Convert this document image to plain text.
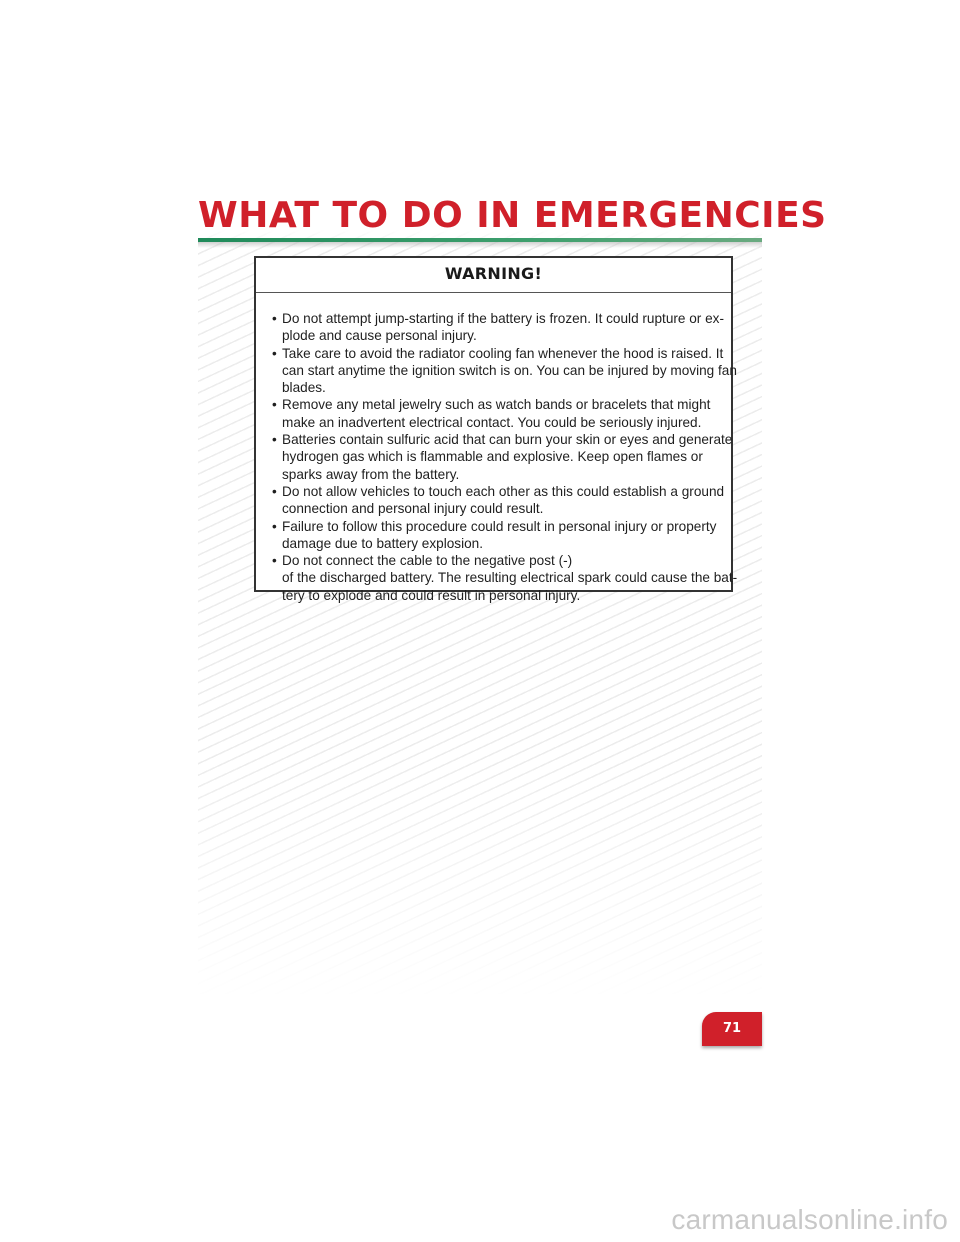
WHAT TO DO IN EMERGENCIES
WARNING!
• Do not attempt jump-starting if the battery is frozen. It could rupture or ex-
plode and cause personal injury.
• Take care to avoid the radiator cooling fan whenever the hood is raised. It
can start anytime the ignition switch is on. You can be injured by moving fan
blades.
• Remove any metal jewelry such as watch bands or bracelets that might
make an inadvertent electrical contact. You could be seriously injured.
• Batteries contain sulfuric acid that can burn your skin or eyes and generate
hydrogen gas which is flammable and explosive. Keep open flames or
sparks away from the battery.
• Do not allow vehicles to touch each other as this could establish a ground
connection and personal injury could result.
• Failure to follow this procedure could result in personal injury or property
damage due to battery explosion.
• Do not connect the cable to the negative post (-)
of the discharged battery. The resulting electrical spark could cause the bat-
tery to explode and could result in personal injury.
71
carmanualsonline.info
